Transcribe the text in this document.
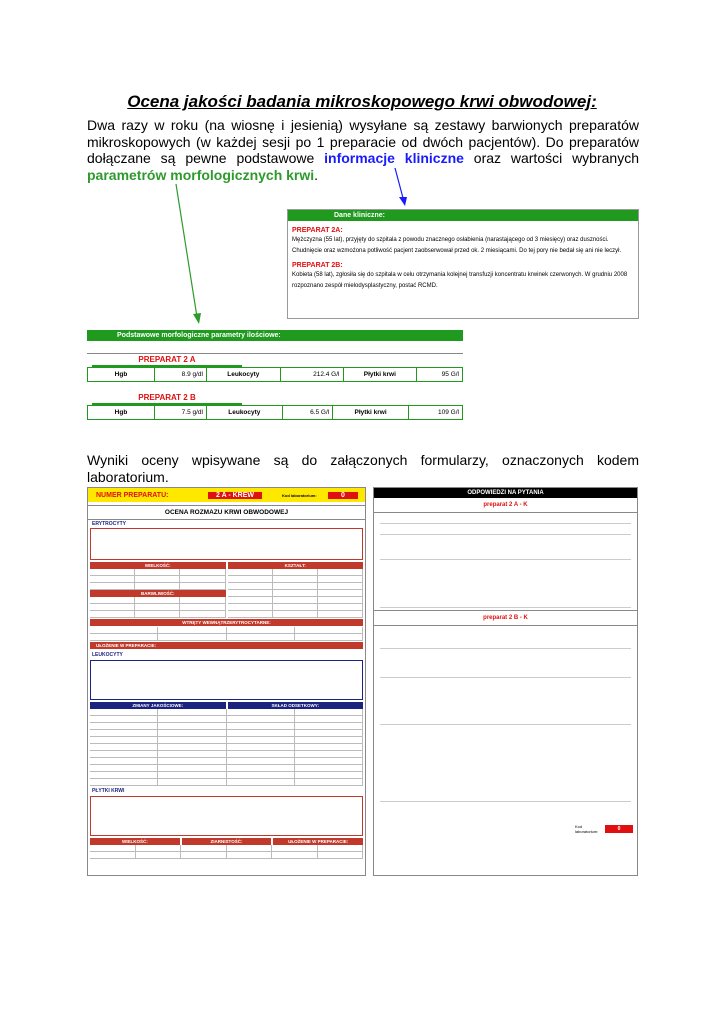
Ocena jakości badania mikroskopowego krwi obwodowej:
Dwa razy w roku (na wiosnę i jesienią) wysyłane są zestawy barwionych preparatów mikroskopowych (w każdej sesji po 1 preparacie od dwóch pacjentów). Do preparatów dołączane są pewne podstawowe informacje kliniczne oraz wartości wybranych parametrów morfologicznych krwi.
Dane kliniczne:
PREPARAT 2A:

Mężczyzna (55 lat), przyjęty do szpitala z powodu znacznego osłabienia (narastającego od 3 miesięcy) oraz duszności.

Chudnięcie oraz wzmożona potliwość pacjent zaobserwował przed ok. 2 miesiącami. Do tej pory nie bedał się ani nie leczył.

PREPARAT 2B:

Kobieta (58 lat), zgłosiła się do szpitala w celu otrzymania kolejnej transfuzji koncentratu krwinek czerwonych. W grudniu 2008

rozpoznano zespół mielodysplastyczny, postać RCMD.

Podstawowe morfologiczne parametry ilościowe:
PREPARAT 2 A
Hgb	8.9 g/dl	Leukocyty	212.4 G/l	Płytki krwi	95 G/l
PREPARAT 2 B
Hgb	7.5 g/dl	Leukocyty	6.5 G/l	Płytki krwi	109 G/l
Wyniki oceny wpisywane są do załączonych formularzy, oznaczonych kodem laboratorium.
NUMER PREPARATU:	2 A - KREW	Kod laboratorium:	0
OCENA ROZMAZU KRWI OBWODOWEJ
ERYTROCYTY
WIELKOŚĆ:
BARWLIWOŚĆ:
KSZTAŁT:
WTRĘTY WEWNĄTRZERYTROCYTARNE:
UŁOŻENIE W PREPARACIE:
LEUKOCYTY
ZMIANY JAKOŚCIOWE:	SKŁAD ODSETKOWY:
PŁYTKI KRWI
WIELKOŚĆ:	ZIARNISTOŚĆ:	UŁOŻENIE W PREPARACIE:
ODPOWIEDZI NA PYTANIA
preparat 2 A - K
preparat 2 B - K
Kod laboratorium:	0
